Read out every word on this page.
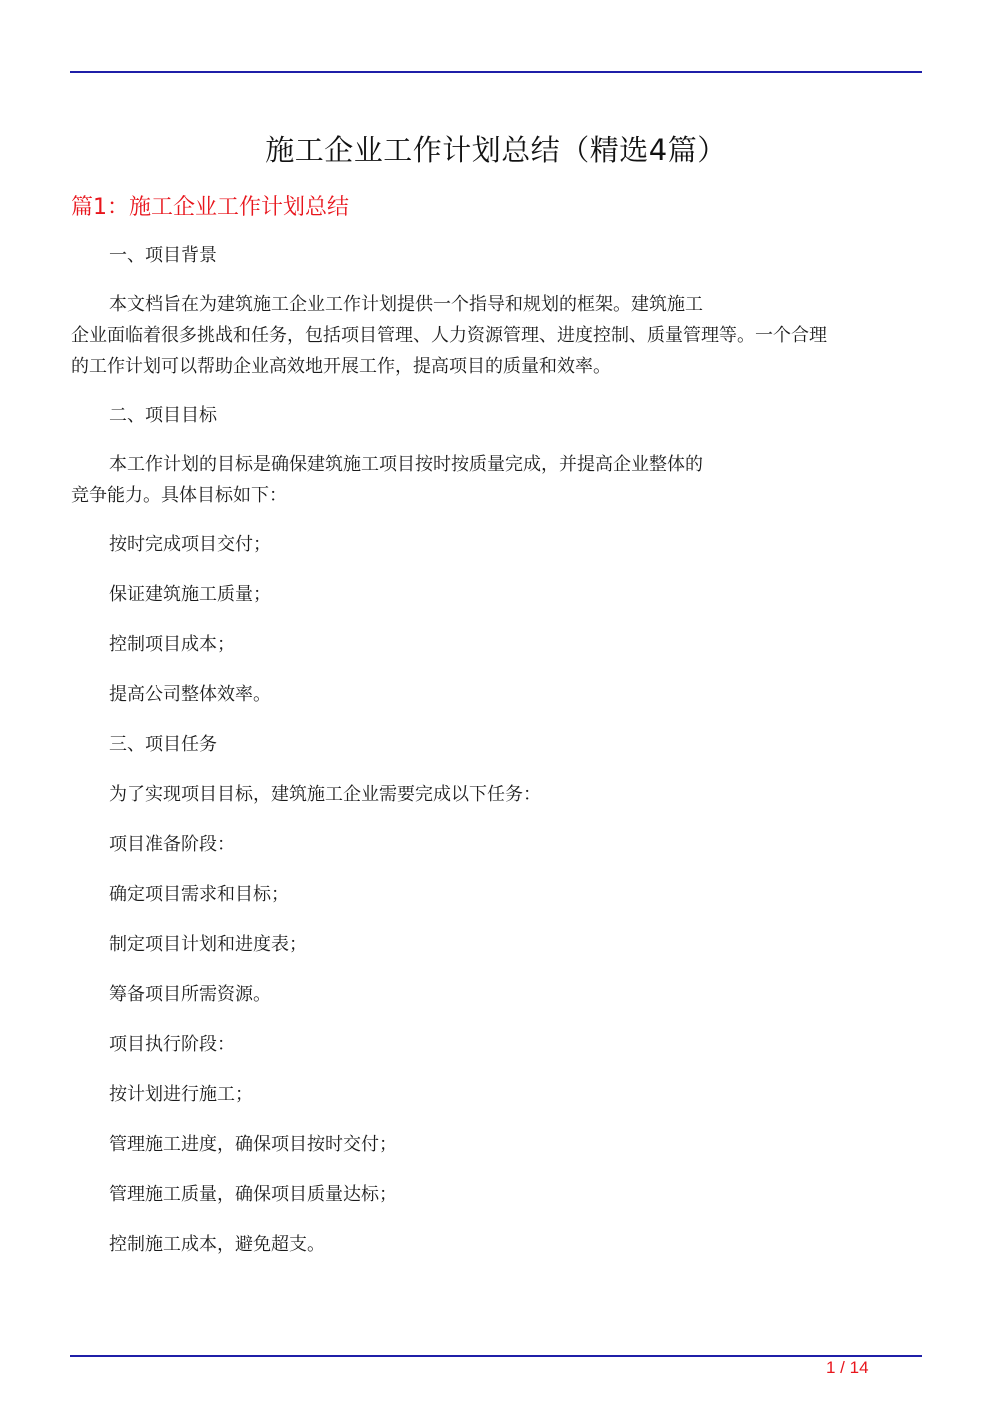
施工企业工作计划总结（精选4篇）
篇1：施工企业工作计划总结
一、项目背景

本文档旨在为建筑施工企业工作计划提供一个指导和规划的框架。建筑施工
企业面临着很多挑战和任务，包括项目管理、人力资源管理、进度控制、质量管理等。一个合理
的工作计划可以帮助企业高效地开展工作，提高项目的质量和效率。

二、项目目标

本工作计划的目标是确保建筑施工项目按时按质量完成，并提高企业整体的
竞争能力。具体目标如下：

按时完成项目交付；
保证建筑施工质量；
控制项目成本；
提高公司整体效率。
三、项目任务
为了实现项目目标，建筑施工企业需要完成以下任务：
项目准备阶段：
确定项目需求和目标；
制定项目计划和进度表；
筹备项目所需资源。
项目执行阶段：
按计划进行施工；
管理施工进度，确保项目按时交付；
管理施工质量，确保项目质量达标；
控制施工成本，避免超支。
1 / 14
